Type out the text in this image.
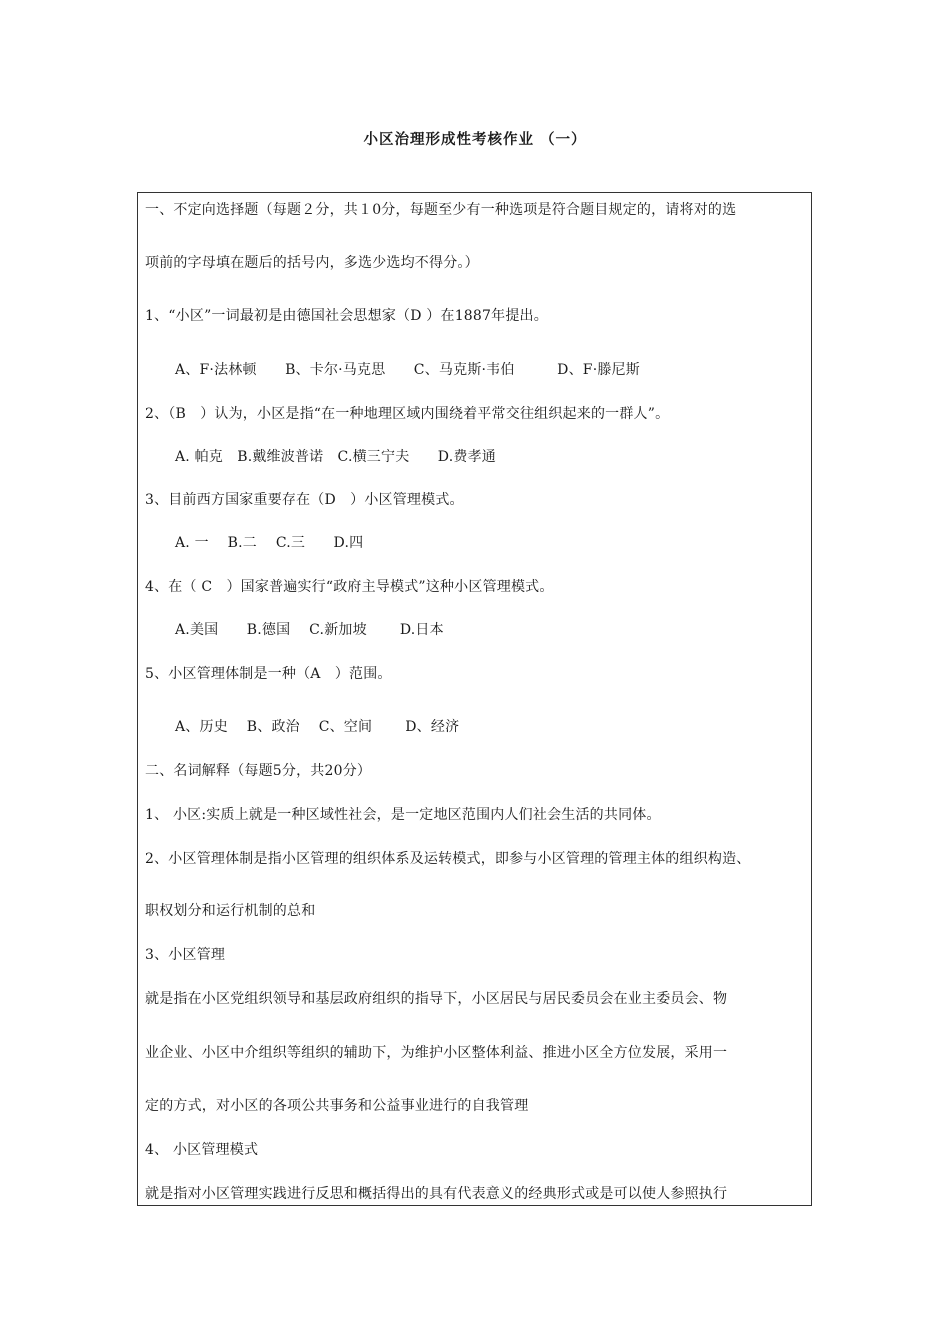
小区治理形成性考核作业 （一）
一、不定向选择题（每题２分，共１0分，每题至少有一种选项是符合题目规定的，请将对的选
项前的字母填在题后的括号内，多选少选均不得分。）
1、“小区”一词最初是由德国社会思想家（D ）在1887年提出。
A、F·法林顿　　B、卡尔·马克思　　C、马克斯·韦伯　　　D、F·滕尼斯
2、（B　）认为，小区是指“在一种地理区域内围绕着平常交往组织起来的一群人”。
A. 帕克　B.戴维波普诺　C.横三宁夫　　D.费孝通
3、目前西方国家重要存在（D　）小区管理模式。
A. 一　 B.二　 C.三　　D.四
4、在（ C　）国家普遍实行“政府主导模式”这种小区管理模式。
A.美国　　B.德国　 C.新加坡　　 D.日本
5、小区管理体制是一种（A　）范围。
A、历史　 B、政治　 C、空间　　 D、经济
二、名词解释（每题5分，共20分）
1、 小区:实质上就是一种区域性社会，是一定地区范围内人们社会生活的共同体。
2、小区管理体制是指小区管理的组织体系及运转模式，即参与小区管理的管理主体的组织构造、
职权划分和运行机制的总和
3、小区管理
就是指在小区党组织领导和基层政府组织的指导下，小区居民与居民委员会在业主委员会、物
业企业、小区中介组织等组织的辅助下，为维护小区整体利益、推进小区全方位发展，采用一
定的方式，对小区的各项公共事务和公益事业进行的自我管理
4、 小区管理模式
就是指对小区管理实践进行反思和概括得出的具有代表意义的经典形式或是可以使人参照执行
